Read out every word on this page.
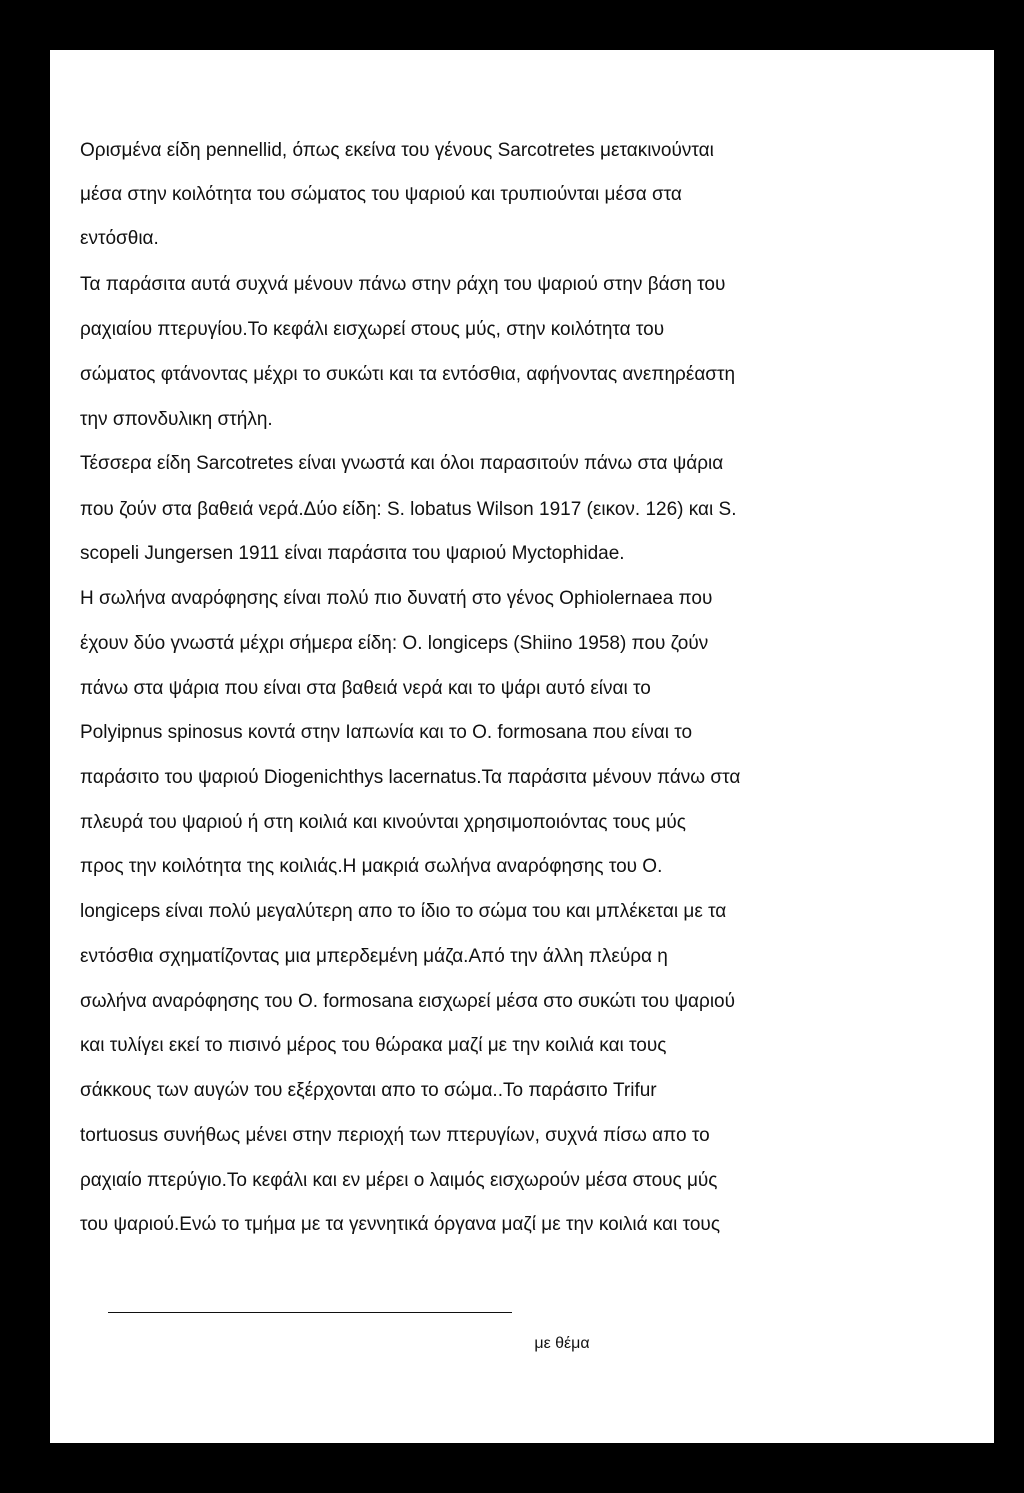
Ορισμένα είδη pennellid, όπως εκείνα του γένους Sarcotretes μετακινούνται

μέσα στην κοιλότητα του σώματος του ψαριού και τρυπιούνται μέσα στα

εντόσθια.

Τα παράσιτα αυτά συχνά μένουν πάνω στην ράχη του ψαριού στην βάση του

ραχιαίου πτερυγίου.Το κεφάλι εισχωρεί στους μύς, στην κοιλότητα του

σώματος φτάνοντας μέχρι το συκώτι και τα εντόσθια, αφήνοντας ανεπηρέαστη

την σπονδυλικη στήλη.

Τέσσερα είδη Sarcotretes είναι γνωστά και όλοι παρασιτούν πάνω στα ψάρια

που ζούν στα βαθειά νερά.Δύο είδη: S. lobatus Wilson 1917 (εικον. 126) και S.

scopeli Jungersen 1911 είναι παράσιτα του ψαριού Myctophidae.

Η σωλήνα αναρόφησης είναι πολύ πιο δυνατή στο γένος Ophiolernaea που

έχουν δύο γνωστά μέχρι σήμερα είδη: Ο. longiceps (Shiino 1958) που ζούν

πάνω στα ψάρια που είναι στα βαθειά νερά και το ψάρι αυτό είναι το

Polyipnus spinosus κοντά στην Ιαπωνία και το Ο. formosana που είναι το

παράσιτο του ψαριού Diogenichthys lacernatus.Τα παράσιτα μένουν πάνω στα

πλευρά του ψαριού ή στη κοιλιά και κινούνται χρησιμοποιόντας τους μύς

προς την κοιλότητα της κοιλιάς.Η μακριά σωλήνα αναρόφησης του Ο.

longiceps είναι πολύ μεγαλύτερη απο το ίδιο το σώμα του και μπλέκεται με τα

εντόσθια σχηματίζοντας μια μπερδεμένη μάζα.Από την άλλη πλεύρα η

σωλήνα αναρόφησης του Ο. formosana εισχωρεί μέσα στο συκώτι του ψαριού

και τυλίγει εκεί το πισινό μέρος του θώρακα μαζί με την κοιλιά και τους

σάκκους των αυγών του εξέρχονται απο το σώμα..Το παράσιτο Trifur

tortuosus συνήθως μένει στην περιοχή των πτερυγίων, συχνά πίσω απο το

ραχιαίο πτερύγιο.Το κεφάλι και εν μέρει ο λαιμός εισχωρούν μέσα στους μύς

του ψαριού.Ενώ το τμήμα με τα γεννητικά όργανα μαζί με την κοιλιά και τους

με θέμα
